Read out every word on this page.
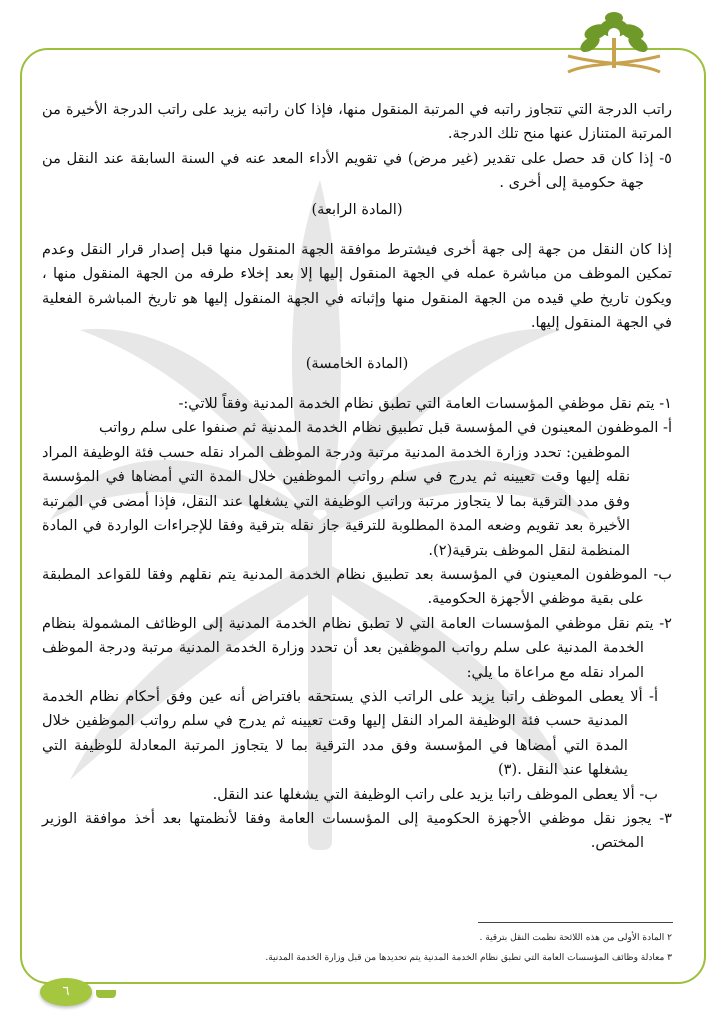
راتب الدرجة التي تتجاوز راتبه في المرتبة المنقول منها، فإذا كان راتبه يزيد على راتب الدرجة الأخيرة من المرتبة المتنازل عنها منح تلك الدرجة.

٥- إذا كان قد حصل على تقدير (غير مرض) في تقويم الأداء المعد عنه في السنة السابقة عند النقل من جهة حكومية إلى أخرى .

(المادة الرابعة)

إذا كان النقل من جهة إلى جهة أخرى فيشترط موافقة الجهة المنقول منها قبل إصدار قرار النقل وعدم تمكين الموظف من مباشرة عمله في الجهة المنقول إليها إلا بعد إخلاء طرفه من الجهة المنقول منها ، ويكون تاريخ طي قيده من الجهة المنقول منها وإثباته في الجهة المنقول إليها هو تاريخ المباشرة الفعلية في الجهة المنقول إليها.

(المادة الخامسة)

١- يتم نقل موظفي المؤسسات العامة التي تطبق نظام الخدمة المدنية وفقاً للاتي:-

أ- الموظفون المعينون في المؤسسة قبل تطبيق نظام الخدمة المدنية ثم صنفوا على سلم رواتب

الموظفين: تحدد وزارة الخدمة المدنية مرتبة ودرجة الموظف المراد نقله حسب فئة الوظيفة المراد نقله إليها وقت تعيينه ثم يدرج في سلم رواتب الموظفين خلال المدة التي أمضاها في المؤسسة وفق مدد الترقية بما لا يتجاوز مرتبة وراتب الوظيفة التي يشغلها عند النقل، فإذا أمضى في المرتبة الأخيرة بعد تقويم وضعه المدة المطلوبة للترقية جاز نقله بترقية وفقا للإجراءات الواردة في المادة المنظمة لنقل الموظف بترقية(٢).

ب- الموظفون المعينون في المؤسسة بعد تطبيق نظام الخدمة المدنية يتم نقلهم وفقا للقواعد المطبقة على بقية موظفي الأجهزة الحكومية.

٢- يتم نقل موظفي المؤسسات العامة التي لا تطبق نظام الخدمة المدنية إلى الوظائف المشمولة بنظام الخدمة المدنية على سلم رواتب الموظفين بعد أن تحدد وزارة الخدمة المدنية مرتبة ودرجة الموظف المراد نقله مع مراعاة ما يلي:

أ- ألا يعطى الموظف راتبا يزيد على الراتب الذي يستحقه بافتراض أنه عين وفق أحكام نظام الخدمة المدنية حسب فئة الوظيفة المراد النقل إليها وقت تعيينه ثم يدرج في سلم رواتب الموظفين خلال المدة التي أمضاها في المؤسسة وفق مدد الترقية بما لا يتجاوز المرتبة المعادلة للوظيفة التي يشغلها عند النقل .(٣)

ب- ألا يعطى الموظف راتبا يزيد على راتب الوظيفة التي يشغلها عند النقل.

٣- يجوز نقل موظفي الأجهزة الحكومية إلى المؤسسات العامة وفقا لأنظمتها بعد أخذ موافقة الوزير المختص.

٢ المادة الأولى من هذه اللائحة نظمت النقل بترقية .
٣ معادلة وظائف المؤسسات العامة التي تطبق نظام الخدمة المدنية يتم تحديدها من قبل وزارة الخدمة المدنية.
٦
